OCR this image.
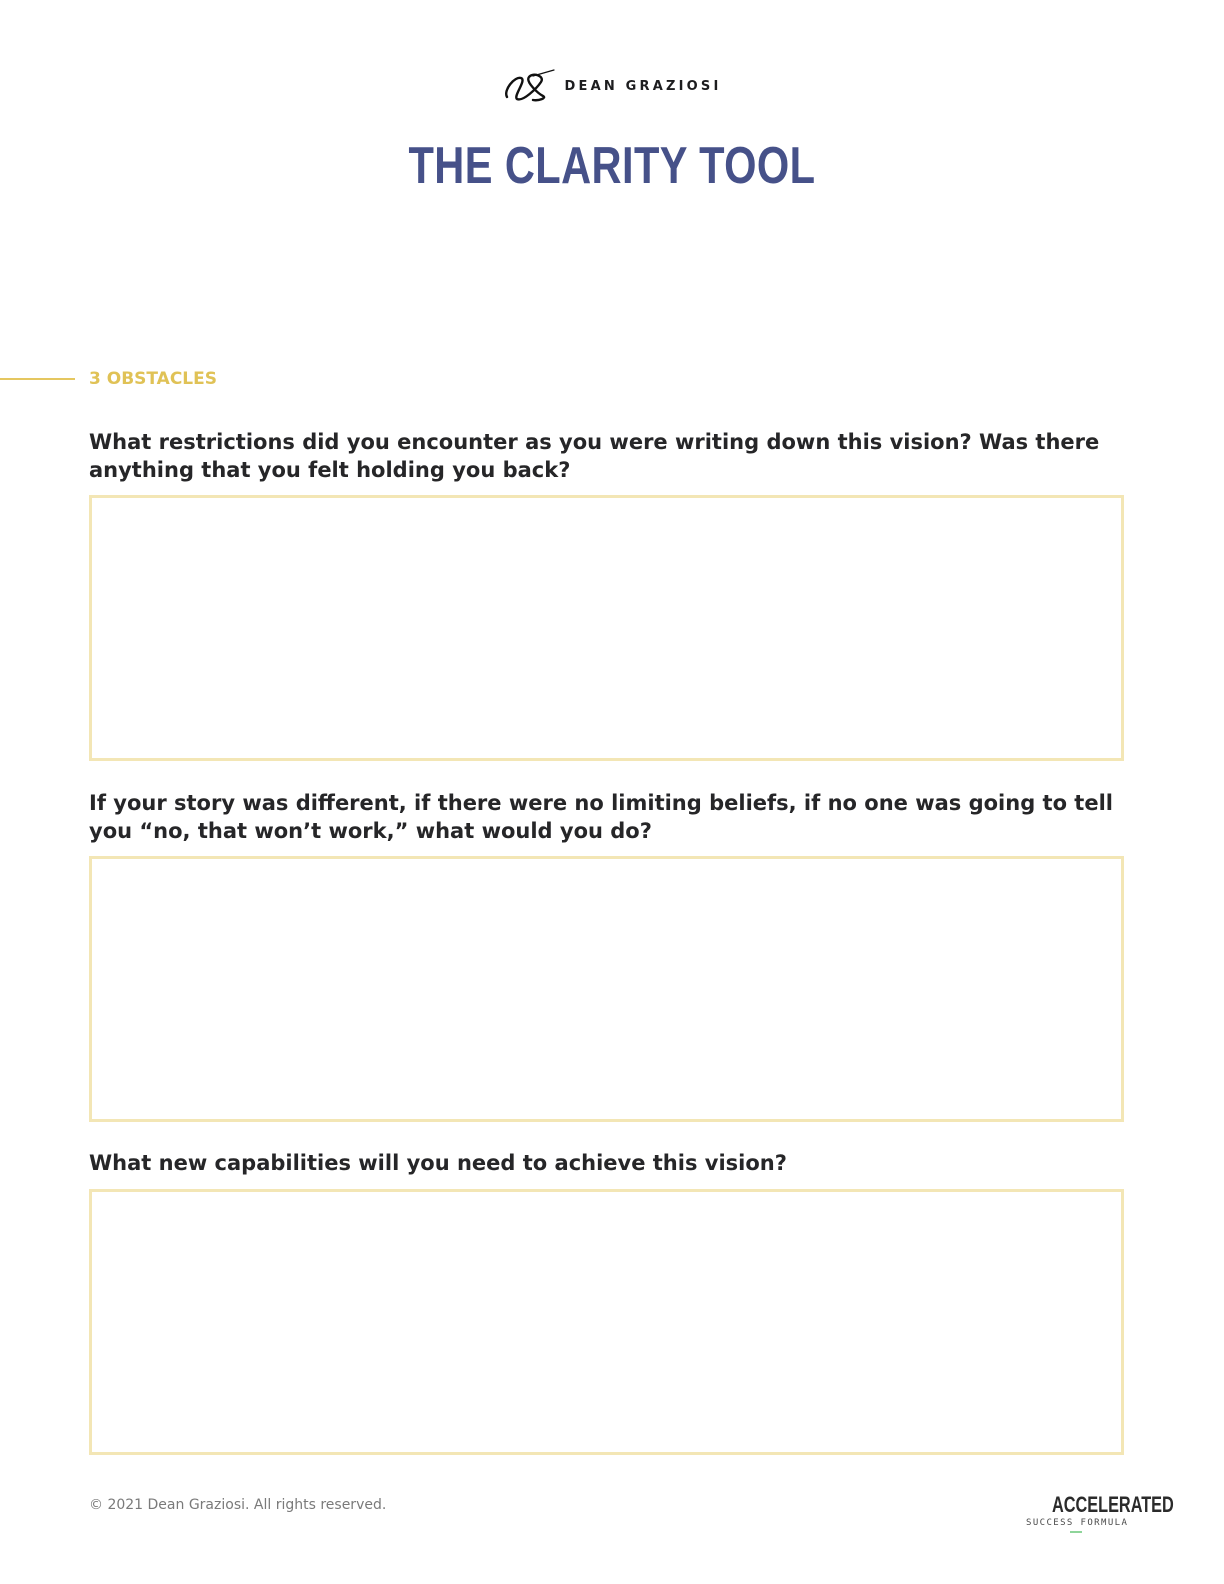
DEAN GRAZIOSI
THE CLARITY TOOL
3 OBSTACLES

What restrictions did you encounter as you were writing down this vision? Was there anything that you felt holding you back?

If your story was different, if there were no limiting beliefs, if no one was going to tell you “no, that won’t work,” what would you do?

What new capabilities will you need to achieve this vision?

© 2021 Dean Graziosi. All rights reserved.	ACCELERATED
SUCCESS FORMULA
